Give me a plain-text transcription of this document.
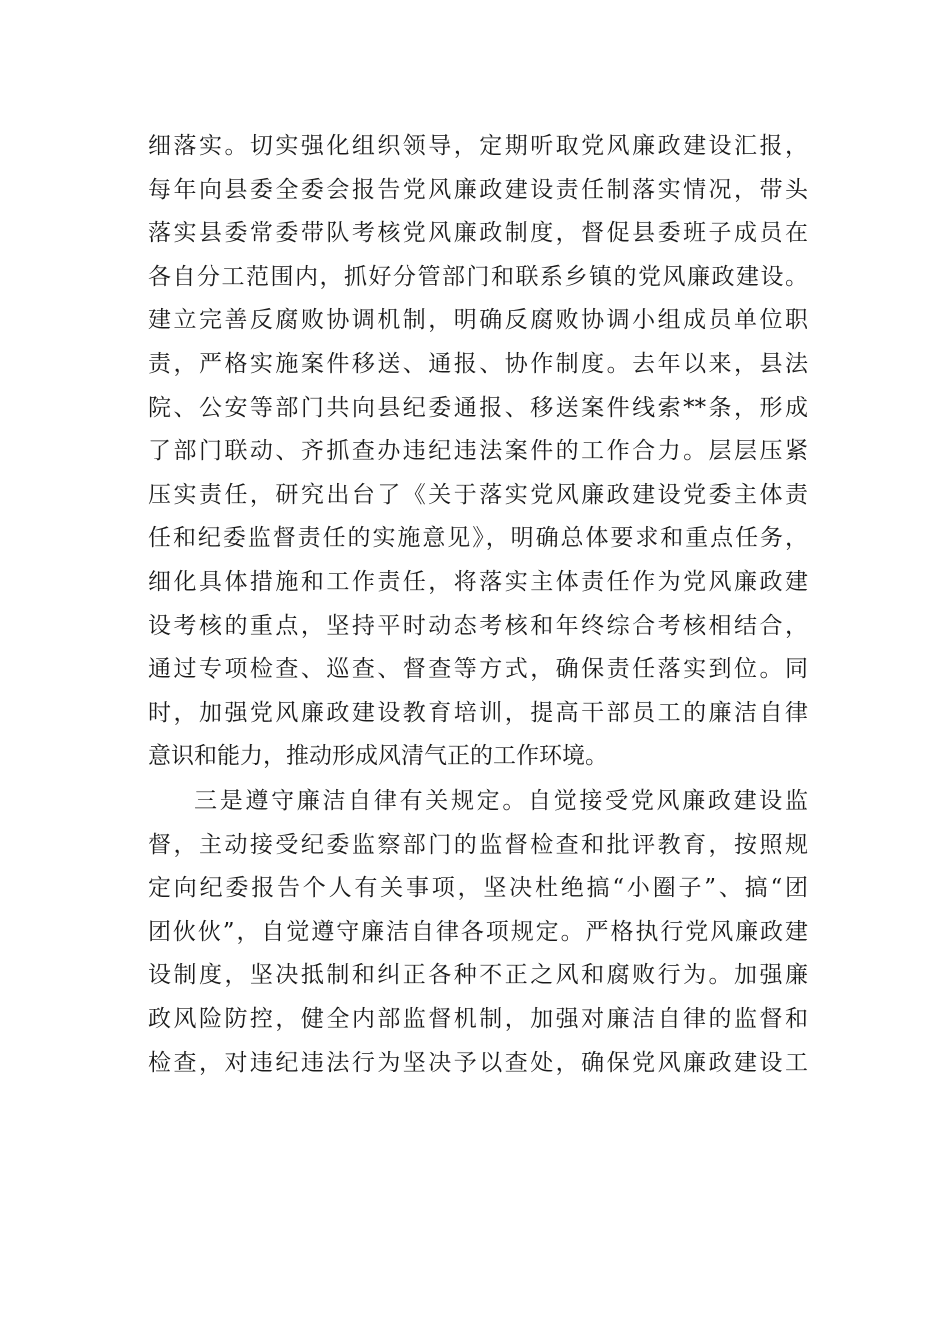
细落实。切实强化组织领导，定期听取党风廉政建设汇报，
每年向县委全委会报告党风廉政建设责任制落实情况，带头
落实县委常委带队考核党风廉政制度，督促县委班子成员在
各自分工范围内，抓好分管部门和联系乡镇的党风廉政建设。
建立完善反腐败协调机制，明确反腐败协调小组成员单位职
责，严格实施案件移送、通报、协作制度。去年以来，县法
院、公安等部门共向县纪委通报、移送案件线索**条，形成
了部门联动、齐抓查办违纪违法案件的工作合力。层层压紧
压实责任，研究出台了《关于落实党风廉政建设党委主体责
任和纪委监督责任的实施意见》，明确总体要求和重点任务，
细化具体措施和工作责任，将落实主体责任作为党风廉政建
设考核的重点，坚持平时动态考核和年终综合考核相结合，
通过专项检查、巡查、督查等方式，确保责任落实到位。同
时，加强党风廉政建设教育培训，提高干部员工的廉洁自律
意识和能力，推动形成风清气正的工作环境。
三是遵守廉洁自律有关规定。自觉接受党风廉政建设监
督，主动接受纪委监察部门的监督检查和批评教育，按照规
定向纪委报告个人有关事项，坚决杜绝搞“小圈子”、搞“团
团伙伙”，自觉遵守廉洁自律各项规定。严格执行党风廉政建
设制度，坚决抵制和纠正各种不正之风和腐败行为。加强廉
政风险防控，健全内部监督机制，加强对廉洁自律的监督和
检查，对违纪违法行为坚决予以查处，确保党风廉政建设工
